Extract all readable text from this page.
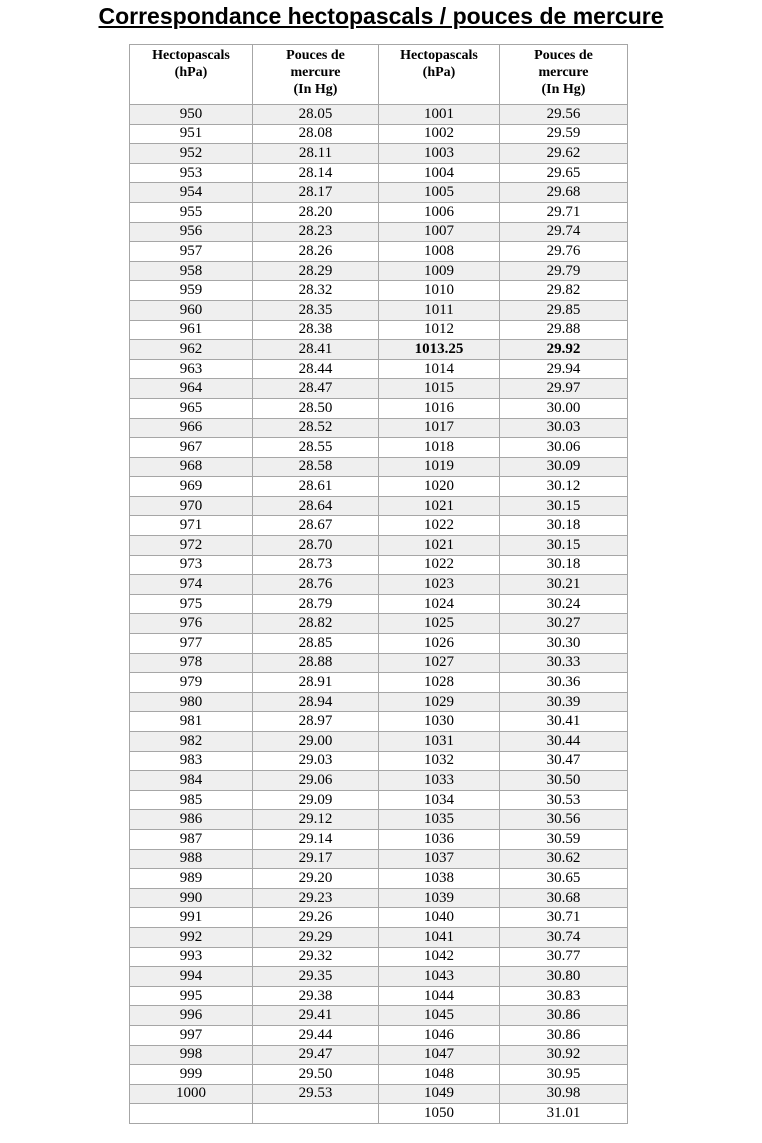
Correspondance hectopascals / pouces de mercure
Hectopascals
(hPa)	Pouces de
mercure
(In Hg)	Hectopascals
(hPa)	Pouces de
mercure
(In Hg)
950	28.05	1001	29.56
951	28.08	1002	29.59
952	28.11	1003	29.62
953	28.14	1004	29.65
954	28.17	1005	29.68
955	28.20	1006	29.71
956	28.23	1007	29.74
957	28.26	1008	29.76
958	28.29	1009	29.79
959	28.32	1010	29.82
960	28.35	1011	29.85
961	28.38	1012	29.88
962	28.41	1013.25	29.92
963	28.44	1014	29.94
964	28.47	1015	29.97
965	28.50	1016	30.00
966	28.52	1017	30.03
967	28.55	1018	30.06
968	28.58	1019	30.09
969	28.61	1020	30.12
970	28.64	1021	30.15
971	28.67	1022	30.18
972	28.70	1021	30.15
973	28.73	1022	30.18
974	28.76	1023	30.21
975	28.79	1024	30.24
976	28.82	1025	30.27
977	28.85	1026	30.30
978	28.88	1027	30.33
979	28.91	1028	30.36
980	28.94	1029	30.39
981	28.97	1030	30.41
982	29.00	1031	30.44
983	29.03	1032	30.47
984	29.06	1033	30.50
985	29.09	1034	30.53
986	29.12	1035	30.56
987	29.14	1036	30.59
988	29.17	1037	30.62
989	29.20	1038	30.65
990	29.23	1039	30.68
991	29.26	1040	30.71
992	29.29	1041	30.74
993	29.32	1042	30.77
994	29.35	1043	30.80
995	29.38	1044	30.83
996	29.41	1045	30.86
997	29.44	1046	30.86
998	29.47	1047	30.92
999	29.50	1048	30.95
1000	29.53	1049	30.98
		1050	31.01
